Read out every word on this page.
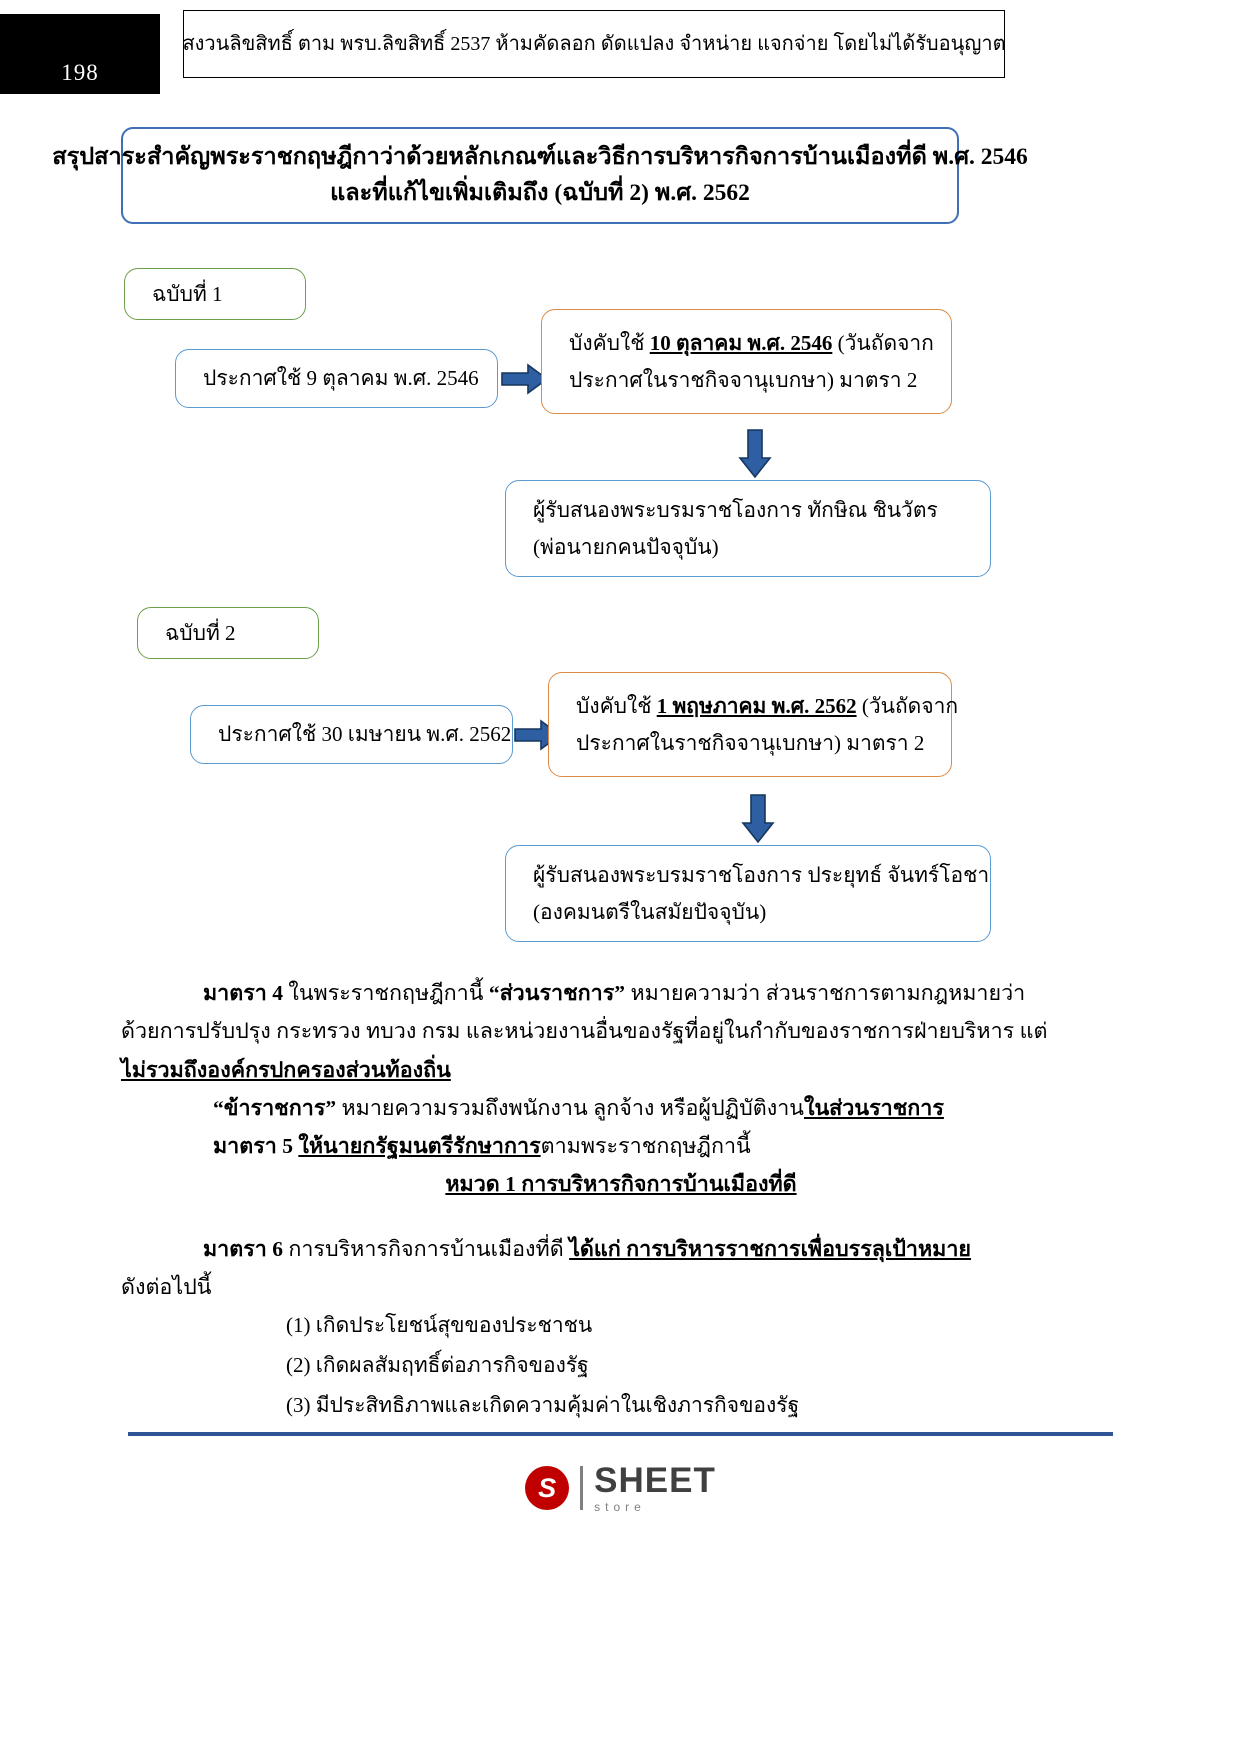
198
สงวนลิขสิทธิ์ ตาม พรบ.ลิขสิทธิ์ 2537 ห้ามคัดลอก ดัดแปลง จำหน่าย แจกจ่าย โดยไม่ได้รับอนุญาต
สรุปสาระสำคัญพระราชกฤษฎีกาว่าด้วยหลักเกณฑ์และวิธีการบริหารกิจการบ้านเมืองที่ดี พ.ศ. 2546
และที่แก้ไขเพิ่มเติมถึง (ฉบับที่ 2) พ.ศ. 2562
ฉบับที่ 1
ประกาศใช้ 9 ตุลาคม พ.ศ. 2546
บังคับใช้ 10 ตุลาคม พ.ศ. 2546 (วันถัดจาก
ประกาศในราชกิจจานุเบกษา) มาตรา 2
ผู้รับสนองพระบรมราชโองการ ทักษิณ ชินวัตร
(พ่อนายกคนปัจจุบัน)
ฉบับที่ 2
ประกาศใช้ 30 เมษายน พ.ศ. 2562
บังคับใช้ 1 พฤษภาคม พ.ศ. 2562 (วันถัดจาก
ประกาศในราชกิจจานุเบกษา) มาตรา 2
ผู้รับสนองพระบรมราชโองการ ประยุทธ์ จันทร์โอชา
(องคมนตรีในสมัยปัจจุบัน)

มาตรา 4 ในพระราชกฤษฎีกานี้ “ส่วนราชการ” หมายความว่า ส่วนราชการตามกฎหมายว่า

ด้วยการปรับปรุง กระทรวง ทบวง กรม และหน่วยงานอื่นของรัฐที่อยู่ในกำกับของราชการฝ่ายบริหาร แต่

ไม่รวมถึงองค์กรปกครองส่วนท้องถิ่น

“ข้าราชการ” หมายความรวมถึงพนักงาน ลูกจ้าง หรือผู้ปฏิบัติงานในส่วนราชการ

มาตรา 5 ให้นายกรัฐมนตรีรักษาการตามพระราชกฤษฎีกานี้

หมวด 1 การบริหารกิจการบ้านเมืองที่ดี

มาตรา 6 การบริหารกิจการบ้านเมืองที่ดี ได้แก่ การบริหารราชการเพื่อบรรลุเป้าหมาย

ดังต่อไปนี้

(1) เกิดประโยชน์สุขของประชาชน

(2) เกิดผลสัมฤทธิ์ต่อภารกิจของรัฐ

(3) มีประสิทธิภาพและเกิดความคุ้มค่าในเชิงภารกิจของรัฐ

S	SHEET
store
